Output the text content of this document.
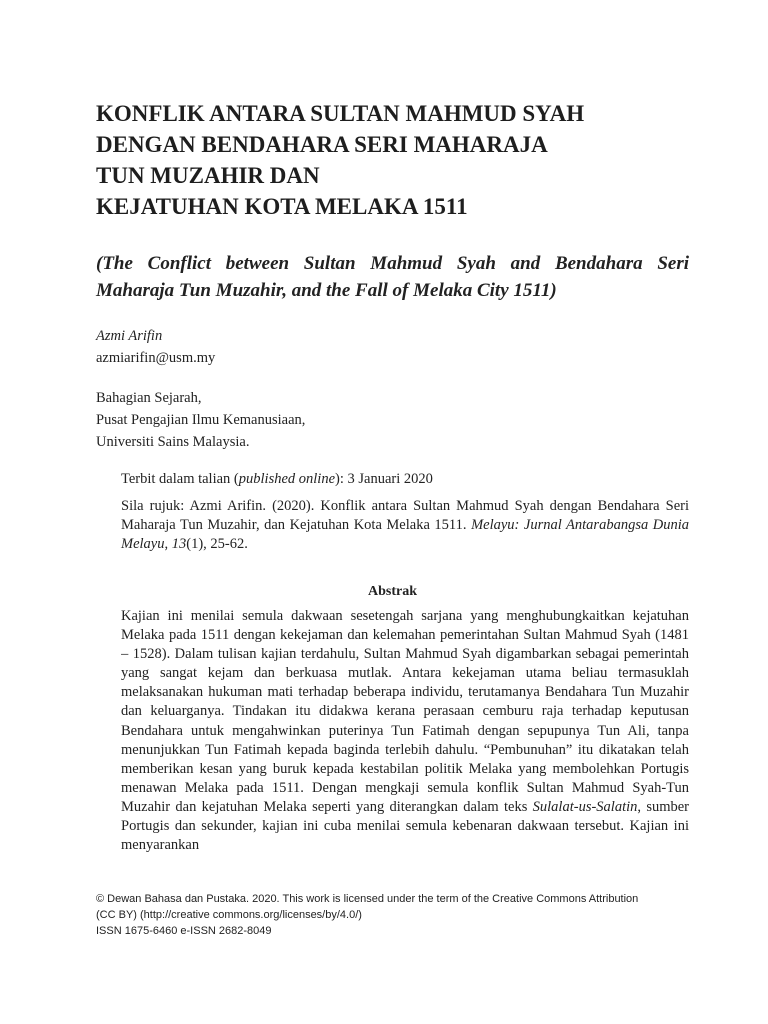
KONFLIK ANTARA SULTAN MAHMUD SYAH
DENGAN BENDAHARA SERI MAHARAJA
TUN MUZAHIR DAN
KEJATUHAN KOTA MELAKA 1511

(The Conflict between Sultan Mahmud Syah and Bendahara Seri Maharaja Tun Muzahir, and the Fall of Melaka City 1511)

Azmi Arifin
azmiarifin@usm.my
Bahagian Sejarah,
Pusat Pengajian Ilmu Kemanusiaan,
Universiti Sains Malaysia.
Terbit dalam talian (published online): 3 Januari 2020
Sila rujuk: Azmi Arifin. (2020). Konflik antara Sultan Mahmud Syah dengan Bendahara Seri Maharaja Tun Muzahir, dan Kejatuhan Kota Melaka 1511. Melayu: Jurnal Antarabangsa Dunia Melayu, 13(1), 25-62.
Abstrak
Kajian ini menilai semula dakwaan sesetengah sarjana yang menghubungkaitkan kejatuhan Melaka pada 1511 dengan kekejaman dan kelemahan pemerintahan Sultan Mahmud Syah (1481 – 1528). Dalam tulisan kajian terdahulu, Sultan Mahmud Syah digambarkan sebagai pemerintah yang sangat kejam dan berkuasa mutlak. Antara kekejaman utama beliau termasuklah melaksanakan hukuman mati terhadap beberapa individu, terutamanya Bendahara Tun Muzahir dan keluarganya. Tindakan itu didakwa kerana perasaan cemburu raja terhadap keputusan Bendahara untuk mengahwinkan puterinya Tun Fatimah dengan sepupunya Tun Ali, tanpa menunjukkan Tun Fatimah kepada baginda terlebih dahulu. “Pembunuhan” itu dikatakan telah memberikan kesan yang buruk kepada kestabilan politik Melaka yang membolehkan Portugis menawan Melaka pada 1511. Dengan mengkaji semula konflik Sultan Mahmud Syah-Tun Muzahir dan kejatuhan Melaka seperti yang diterangkan dalam teks Sulalat-us-Salatin, sumber Portugis dan sekunder, kajian ini cuba menilai semula kebenaran dakwaan tersebut. Kajian ini menyarankan
© Dewan Bahasa dan Pustaka. 2020. This work is licensed under the term of the Creative Commons Attribution
(CC BY) (http://creative commons.org/licenses/by/4.0/)
ISSN 1675-6460 e-ISSN 2682-8049
